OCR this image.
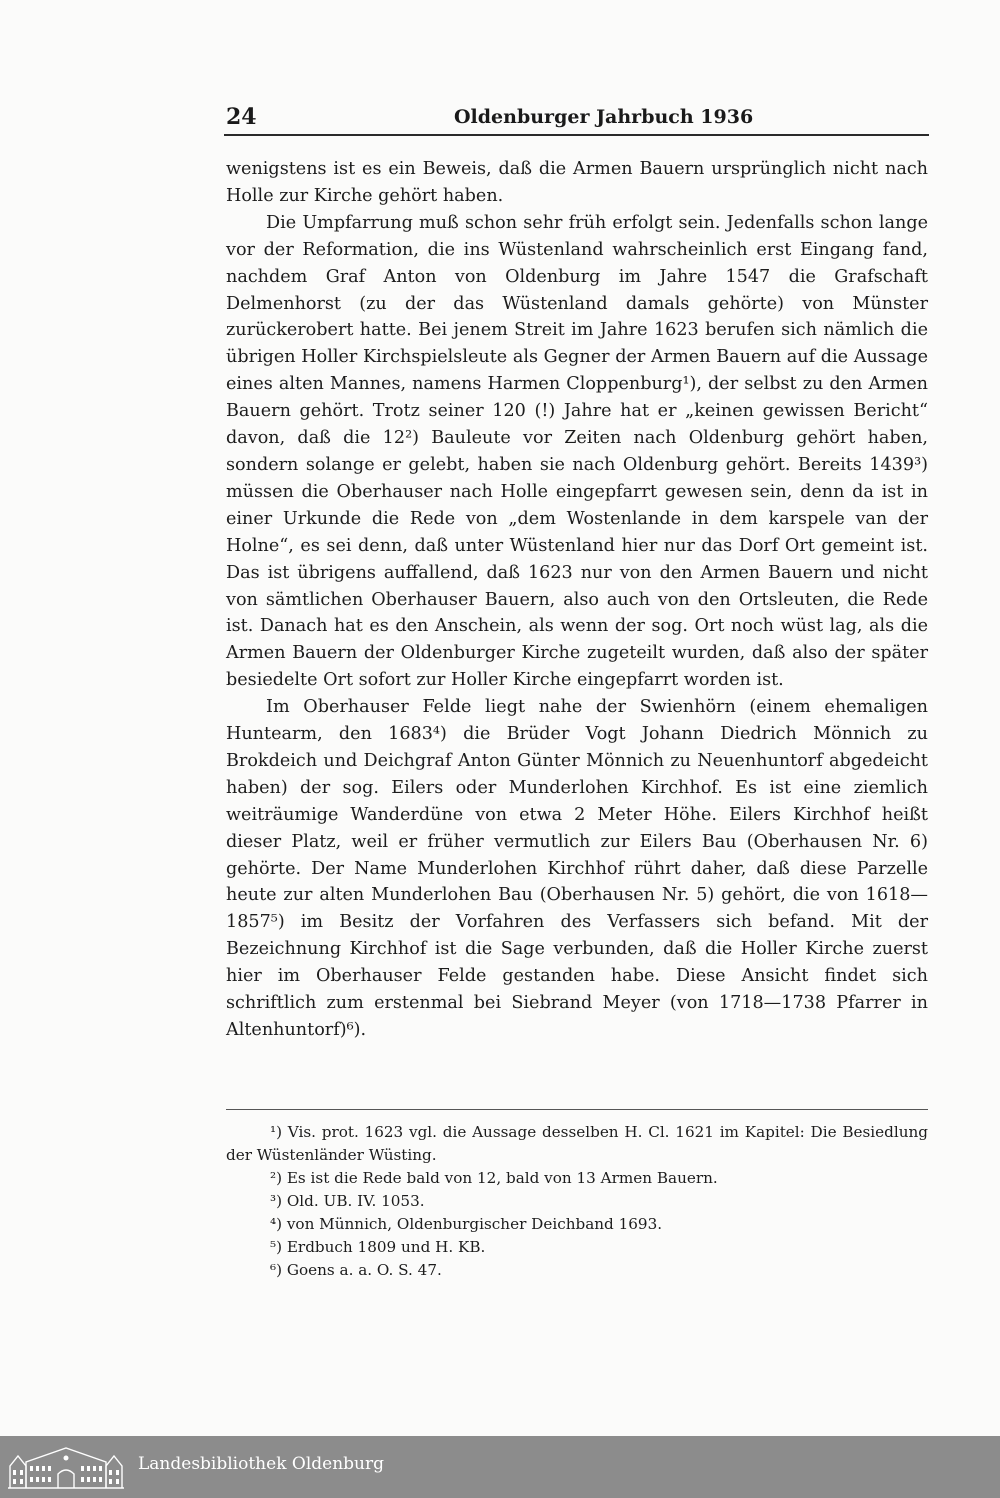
24	Oldenburger Jahrbuch 1936

wenigstens ist es ein Beweis, daß die Armen Bauern ursprünglich nicht nach Holle zur Kirche gehört haben.

Die Umpfarrung muß schon sehr früh erfolgt sein. Jedenfalls schon lange vor der Reformation, die ins Wüstenland wahrscheinlich erst Eingang fand, nachdem Graf Anton von Oldenburg im Jahre 1547 die Grafschaft Delmenhorst (zu der das Wüstenland damals gehörte) von Münster zurückerobert hatte. Bei jenem Streit im Jahre 1623 berufen sich nämlich die übrigen Holler Kirchspielsleute als Gegner der Armen Bauern auf die Aussage eines alten Mannes, namens Harmen Cloppenburg¹), der selbst zu den Armen Bauern gehört. Trotz seiner 120 (!) Jahre hat er „keinen gewissen Bericht“ davon, daß die 12²) Bauleute vor Zeiten nach Oldenburg gehört haben, sondern solange er gelebt, haben sie nach Oldenburg gehört. Bereits 1439³) müssen die Oberhauser nach Holle eingepfarrt gewesen sein, denn da ist in einer Urkunde die Rede von „dem Wostenlande in dem karspele van der Holne“, es sei denn, daß unter Wüstenland hier nur das Dorf Ort gemeint ist. Das ist übrigens auffallend, daß 1623 nur von den Armen Bauern und nicht von sämtlichen Oberhauser Bauern, also auch von den Ortsleuten, die Rede ist. Danach hat es den Anschein, als wenn der sog. Ort noch wüst lag, als die Armen Bauern der Oldenburger Kirche zugeteilt wurden, daß also der später besiedelte Ort sofort zur Holler Kirche eingepfarrt worden ist.

Im Oberhauser Felde liegt nahe der Swienhörn (einem ehemaligen Huntearm, den 1683⁴) die Brüder Vogt Johann Diedrich Mönnich zu Brokdeich und Deichgraf Anton Günter Mönnich zu Neuenhuntorf abgedeicht haben) der sog. Eilers oder Munderlohen Kirchhof. Es ist eine ziemlich weiträumige Wanderdüne von etwa 2 Meter Höhe. Eilers Kirchhof heißt dieser Platz, weil er früher vermutlich zur Eilers Bau (Oberhausen Nr. 6) gehörte. Der Name Munderlohen Kirchhof rührt daher, daß diese Parzelle heute zur alten Munderlohen Bau (Oberhausen Nr. 5) gehört, die von 1618—1857⁵) im Besitz der Vorfahren des Verfassers sich befand. Mit der Bezeichnung Kirchhof ist die Sage verbunden, daß die Holler Kirche zuerst hier im Oberhauser Felde gestanden habe. Diese Ansicht findet sich schriftlich zum erstenmal bei Siebrand Meyer (von 1718—1738 Pfarrer in Altenhuntorf)⁶).

¹) Vis. prot. 1623 vgl. die Aussage desselben H. Cl. 1621 im Kapitel: Die Besiedlung der Wüstenländer Wüsting.

²) Es ist die Rede bald von 12, bald von 13 Armen Bauern.

³) Old. UB. IV. 1053.

⁴) von Münnich, Oldenburgischer Deichband 1693.

⁵) Erdbuch 1809 und H. KB.

⁶) Goens a. a. O. S. 47.

Landesbibliothek Oldenburg
